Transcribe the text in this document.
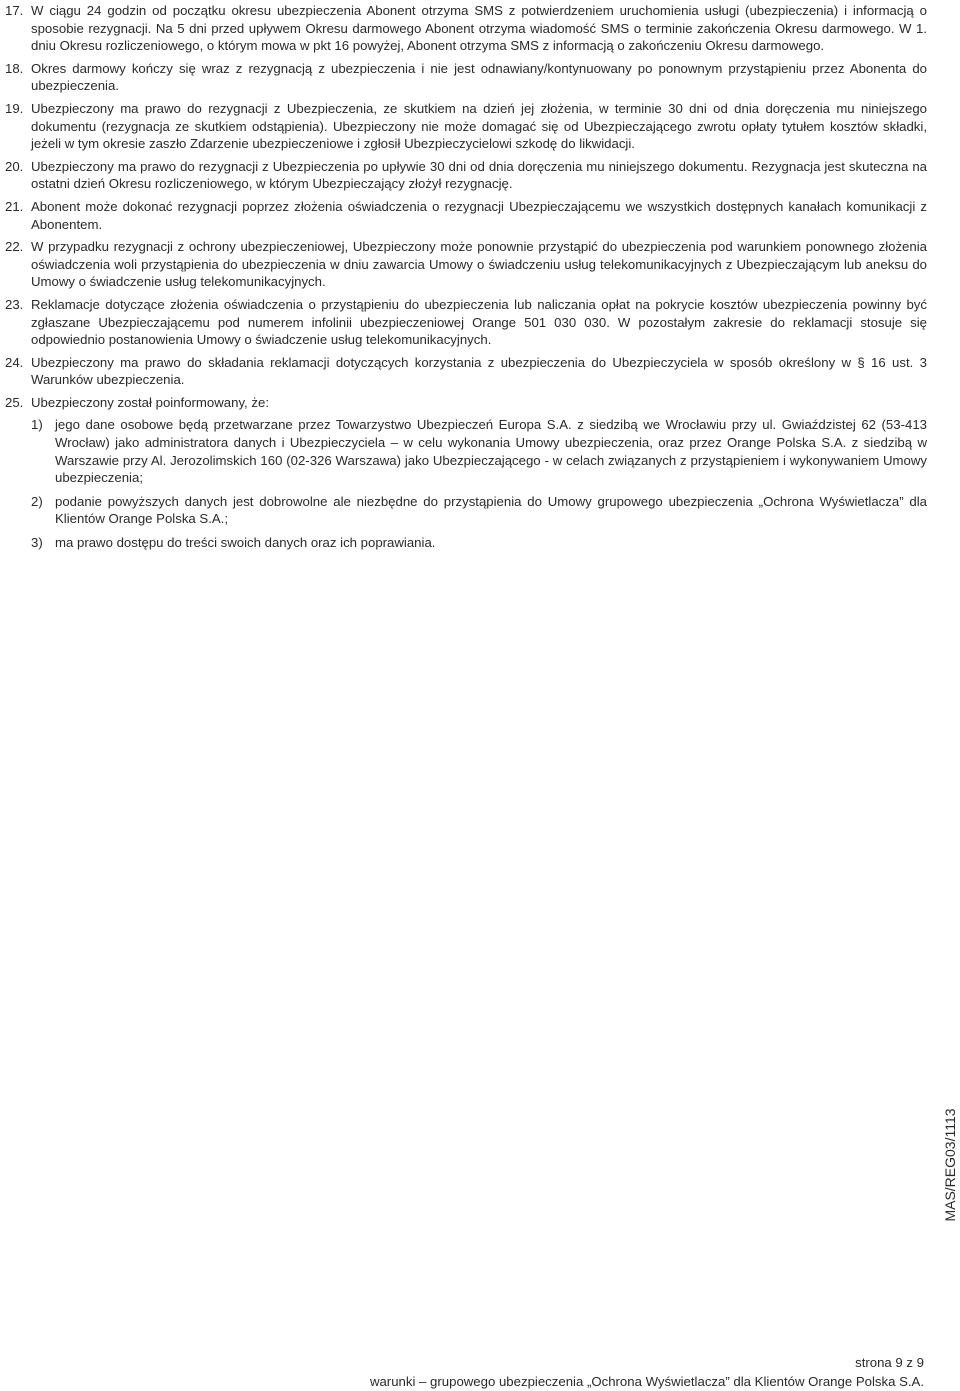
17. W ciągu 24 godzin od początku okresu ubezpieczenia Abonent otrzyma SMS z potwierdzeniem uruchomienia usługi (ubezpieczenia) i informacją o sposobie rezygnacji. Na 5 dni przed upływem Okresu darmowego Abonent otrzyma wiadomość SMS o terminie zakończenia Okresu darmowego. W 1. dniu Okresu rozliczeniowego, o którym mowa w pkt 16 powyżej, Abonent otrzyma SMS z informacją o zakończeniu Okresu darmowego.
18. Okres darmowy kończy się wraz z rezygnacją z ubezpieczenia i nie jest odnawiany/kontynuowany po ponownym przystąpieniu przez Abonenta do ubezpieczenia.
19. Ubezpieczony ma prawo do rezygnacji z Ubezpieczenia, ze skutkiem na dzień jej złożenia, w terminie 30 dni od dnia doręczenia mu niniejszego dokumentu (rezygnacja ze skutkiem odstąpienia). Ubezpieczony nie może domagać się od Ubezpieczającego zwrotu opłaty tytułem kosztów składki, jeżeli w tym okresie zaszło Zdarzenie ubezpieczeniowe i zgłosił Ubezpieczycielowi szkodę do likwidacji.
20. Ubezpieczony ma prawo do rezygnacji z Ubezpieczenia po upływie 30 dni od dnia doręczenia mu niniejszego dokumentu. Rezygnacja jest skuteczna na ostatni dzień Okresu rozliczeniowego, w którym Ubezpieczający złożył rezygnację.
21. Abonent może dokonać rezygnacji poprzez złożenia oświadczenia o rezygnacji Ubezpieczającemu we wszystkich dostępnych kanałach komunikacji z Abonentem.
22. W przypadku rezygnacji z ochrony ubezpieczeniowej, Ubezpieczony może ponownie przystąpić do ubezpieczenia pod warunkiem ponownego złożenia oświadczenia woli przystąpienia do ubezpieczenia w dniu zawarcia Umowy o świadczeniu usług telekomunikacyjnych z Ubezpieczającym lub aneksu do Umowy o świadczenie usług telekomunikacyjnych.
23. Reklamacje dotyczące złożenia oświadczenia o przystąpieniu do ubezpieczenia lub naliczania opłat na pokrycie kosztów ubezpieczenia powinny być zgłaszane Ubezpieczającemu pod numerem infolinii ubezpieczeniowej Orange 501 030 030. W pozostałym zakresie do reklamacji stosuje się odpowiednio postanowienia Umowy o świadczenie usług telekomunikacyjnych.
24. Ubezpieczony ma prawo do składania reklamacji dotyczących korzystania z ubezpieczenia do Ubezpieczyciela w sposób określony w § 16 ust. 3 Warunków ubezpieczenia.
25. Ubezpieczony został poinformowany, że:
1) jego dane osobowe będą przetwarzane przez Towarzystwo Ubezpieczeń Europa S.A. z siedzibą we Wrocławiu przy ul. Gwiaździstej 62 (53-413 Wrocław) jako administratora danych i Ubezpieczyciela – w celu wykonania Umowy ubezpieczenia, oraz przez Orange Polska S.A. z siedzibą w Warszawie przy Al. Jerozolimskich 160 (02-326 Warszawa) jako Ubezpieczającego - w celach związanych z przystąpieniem i wykonywaniem Umowy ubezpieczenia;
2) podanie powyższych danych jest dobrowolne ale niezbędne do przystąpienia do Umowy grupowego ubezpieczenia „Ochrona Wyświetlacza” dla Klientów Orange Polska S.A.;
3) ma prawo dostępu do treści swoich danych oraz ich poprawiania.
MAS/REG03/1113
strona 9 z 9
warunki – grupowego ubezpieczenia „Ochrona Wyświetlacza” dla Klientów Orange Polska S.A.
